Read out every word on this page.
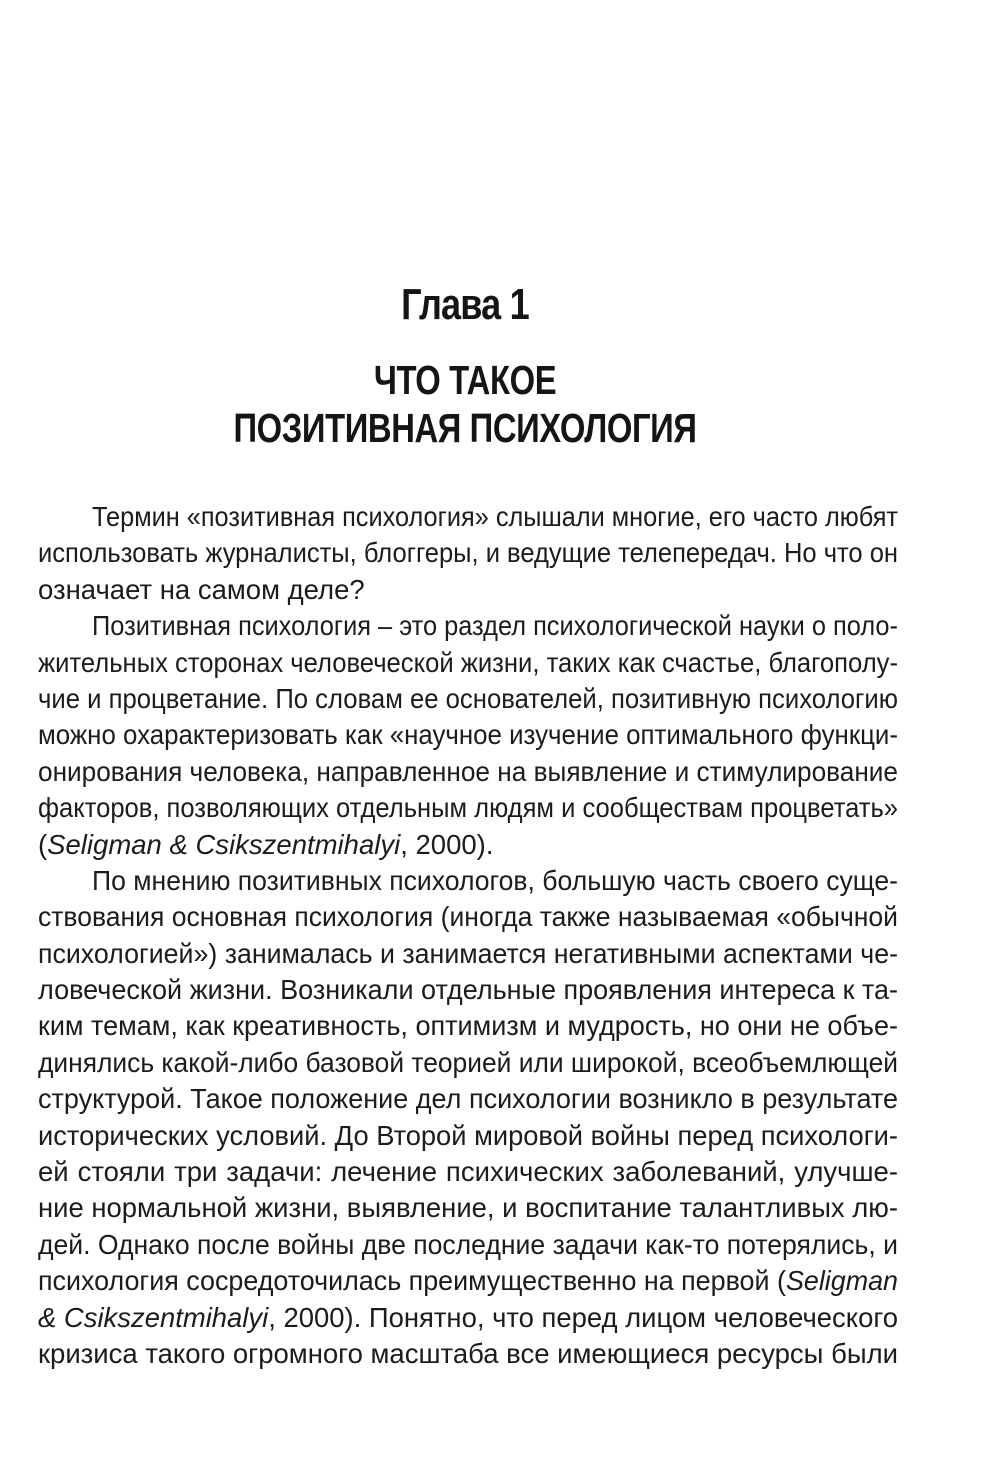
Глава 1
ЧТО ТАКОЕ
ПОЗИТИВНАЯ ПСИХОЛОГИЯ
Термин «позитивная психология» слышали многие, его часто любят
использовать журналисты, блоггеры, и ведущие телепередач. Но что он
означает на самом деле?
Позитивная психология – это раздел психологической науки о поло-
жительных сторонах человеческой жизни, таких как счастье, благополу-
чие и процветание. По словам ее основателей, позитивную психологию
можно охарактеризовать как «научное изучение оптимального функци-
онирования человека, направленное на выявление и стимулирование
факторов, позволяющих отдельным людям и сообществам процветать»
(Seligman & Csikszentmihalyi, 2000).
По мнению позитивных психологов, большую часть своего суще-
ствования основная психология (иногда также называемая «обычной
психологией») занималась и занимается негативными аспектами че-
ловеческой жизни. Возникали отдельные проявления интереса к та-
ким темам, как креативность, оптимизм и мудрость, но они не объе-
динялись какой-либо базовой теорией или широкой, всеобъемлющей
структурой. Такое положение дел психологии возникло в результате
исторических условий. До Второй мировой войны перед психологи-
ей стояли три задачи: лечение психических заболеваний, улучше-
ние нормальной жизни, выявление, и воспитание талантливых лю-
дей. Однако после войны две последние задачи как-то потерялись, и
психология сосредоточилась преимущественно на первой (Seligman
& Csikszentmihalyi, 2000). Понятно, что перед лицом человеческого
кризиса такого огромного масштаба все имеющиеся ресурсы были
